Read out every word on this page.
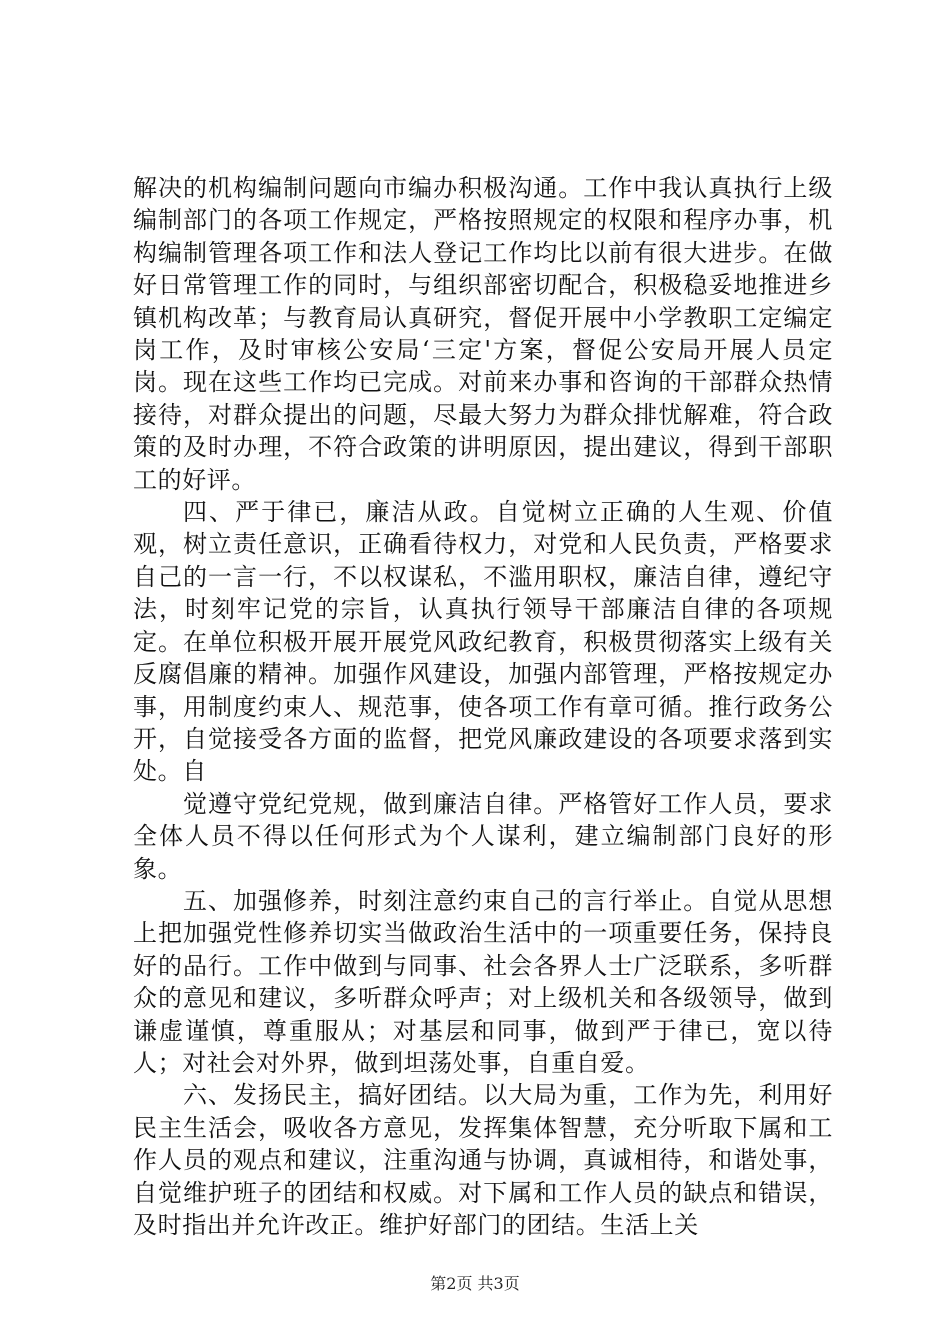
解决的机构编制问题向市编办积极沟通。工作中我认真执行上级编制部门的各项工作规定，严格按照规定的权限和程序办事，机构编制管理各项工作和法人登记工作均比以前有很大进步。在做好日常管理工作的同时，与组织部密切配合，积极稳妥地推进乡镇机构改革；与教育局认真研究，督促开展中小学教职工定编定岗工作，及时审核公安局‘三定'方案，督促公安局开展人员定岗。现在这些工作均已完成。对前来办事和咨询的干部群众热情接待，对群众提出的问题，尽最大努力为群众排忧解难，符合政策的及时办理，不符合政策的讲明原因，提出建议，得到干部职工的好评。

四、严于律已，廉洁从政。自觉树立正确的人生观、价值观，树立责任意识，正确看待权力，对党和人民负责，严格要求自己的一言一行，不以权谋私，不滥用职权，廉洁自律，遵纪守法，时刻牢记党的宗旨，认真执行领导干部廉洁自律的各项规定。在单位积极开展开展党风政纪教育，积极贯彻落实上级有关反腐倡廉的精神。加强作风建设，加强内部管理，严格按规定办事，用制度约束人、规范事，使各项工作有章可循。推行政务公开，自觉接受各方面的监督，把党风廉政建设的各项要求落到实处。自

觉遵守党纪党规，做到廉洁自律。严格管好工作人员，要求全体人员不得以任何形式为个人谋利，建立编制部门良好的形象。

五、加强修养，时刻注意约束自己的言行举止。自觉从思想上把加强党性修养切实当做政治生活中的一项重要任务，保持良好的品行。工作中做到与同事、社会各界人士广泛联系，多听群众的意见和建议，多听群众呼声；对上级机关和各级领导，做到谦虚谨慎，尊重服从；对基层和同事，做到严于律已，宽以待人；对社会对外界，做到坦荡处事，自重自爱。

六、发扬民主，搞好团结。以大局为重，工作为先，利用好民主生活会，吸收各方意见，发挥集体智慧，充分听取下属和工作人员的观点和建议，注重沟通与协调，真诚相待，和谐处事，自觉维护班子的团结和权威。对下属和工作人员的缺点和错误，及时指出并允许改正。维护好部门的团结。生活上关

第2页 共3页
